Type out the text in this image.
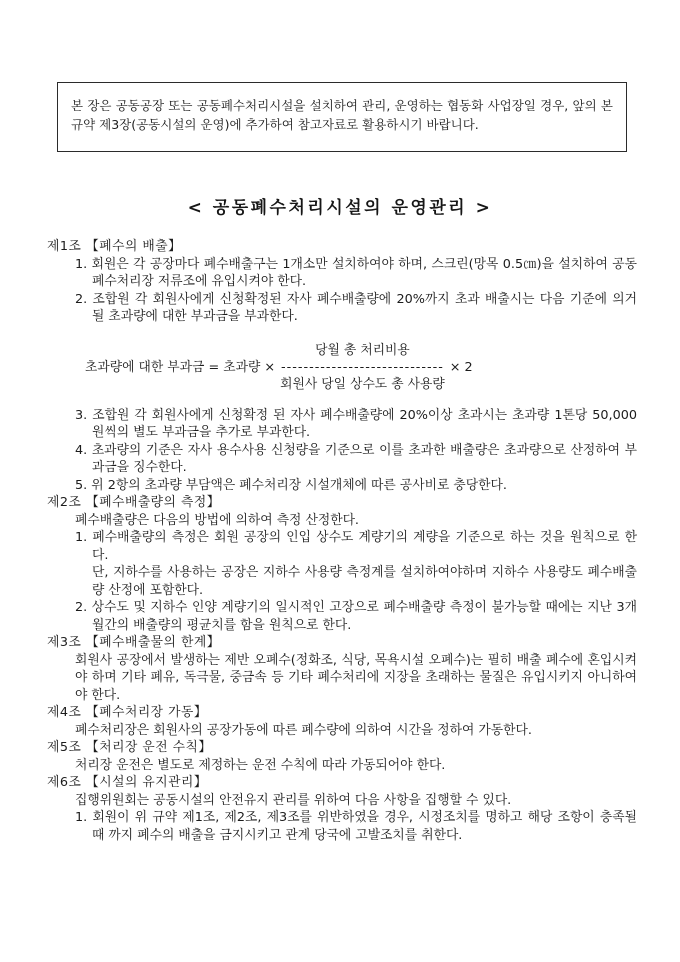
본 장은 공동공장 또는 공동폐수처리시설을 설치하여 관리, 운영하는 협동화 사업장일 경우, 앞의 본 규약 제3장(공동시설의 운영)에 추가하여 참고자료로 활용하시기 바랍니다.
< 공동폐수처리시설의 운영관리 >

제1조 【폐수의 배출】

1. 회원은 각 공장마다 폐수배출구는 1개소만 설치하여야 하며, 스크린(망목 0.5㎝)을 설치하여 공동폐수처리장 저류조에 유입시켜야 한다.

2. 조합원 각 회원사에게 신청확정된 자사 폐수배출량에 20%까지 초과 배출시는 다음 기준에 의거 될 초과량에 대한 부과금을 부과한다.

초과량에 대한 부과금 = 초과량 ×
당월 총 처리비용
-----------------------------
회원사 당일 상수도 총 사용량
× 2

3. 조합원 각 회원사에게 신청확정 된 자사 폐수배출량에 20%이상 초과시는 초과량 1톤당 50,000원씩의 별도 부과금을 추가로 부과한다.

4. 초과량의 기준은 자사 용수사용 신청량을 기준으로 이를 초과한 배출량은 초과량으로 산정하여 부과금을 징수한다.

5. 위 2항의 초과량 부담액은 폐수처리장 시설개체에 따른 공사비로 충당한다.

제2조 【폐수배출량의 측정】

폐수배출량은 다음의 방법에 의하여 측정 산정한다.

1. 폐수배출량의 측정은 회원 공장의 인입 상수도 계량기의 계량을 기준으로 하는 것을 원칙으로 한다.

단, 지하수를 사용하는 공장은 지하수 사용량 측정계를 설치하여야하며 지하수 사용량도 폐수배출량 산정에 포함한다.

2. 상수도 및 지하수 인양 계량기의 일시적인 고장으로 폐수배출량 측정이 불가능할 때에는 지난 3개월간의 배출량의 평균치를 함을 원칙으로 한다.

제3조 【폐수배출물의 한계】

회원사 공장에서 발생하는 제반 오폐수(정화조, 식당, 목욕시설 오폐수)는 필히 배출 폐수에 혼입시켜야 하며 기타 폐유, 독극물, 중금속 등 기타 폐수처리에 지장을 초래하는 물질은 유입시키지 아니하여야 한다.

제4조 【폐수처리장 가동】

폐수처리장은 회원사의 공장가동에 따른 폐수량에 의하여 시간을 정하여 가동한다.

제5조 【처리장 운전 수칙】

처리장 운전은 별도로 제정하는 운전 수칙에 따라 가동되어야 한다.

제6조 【시설의 유지관리】

집행위원회는 공동시설의 안전유지 관리를 위하여 다음 사항을 집행할 수 있다.

1. 회원이 위 규약 제1조, 제2조, 제3조를 위반하였을 경우, 시정조치를 명하고 해당 조항이 충족될 때 까지 폐수의 배출을 금지시키고 관계 당국에 고발조치를 취한다.
